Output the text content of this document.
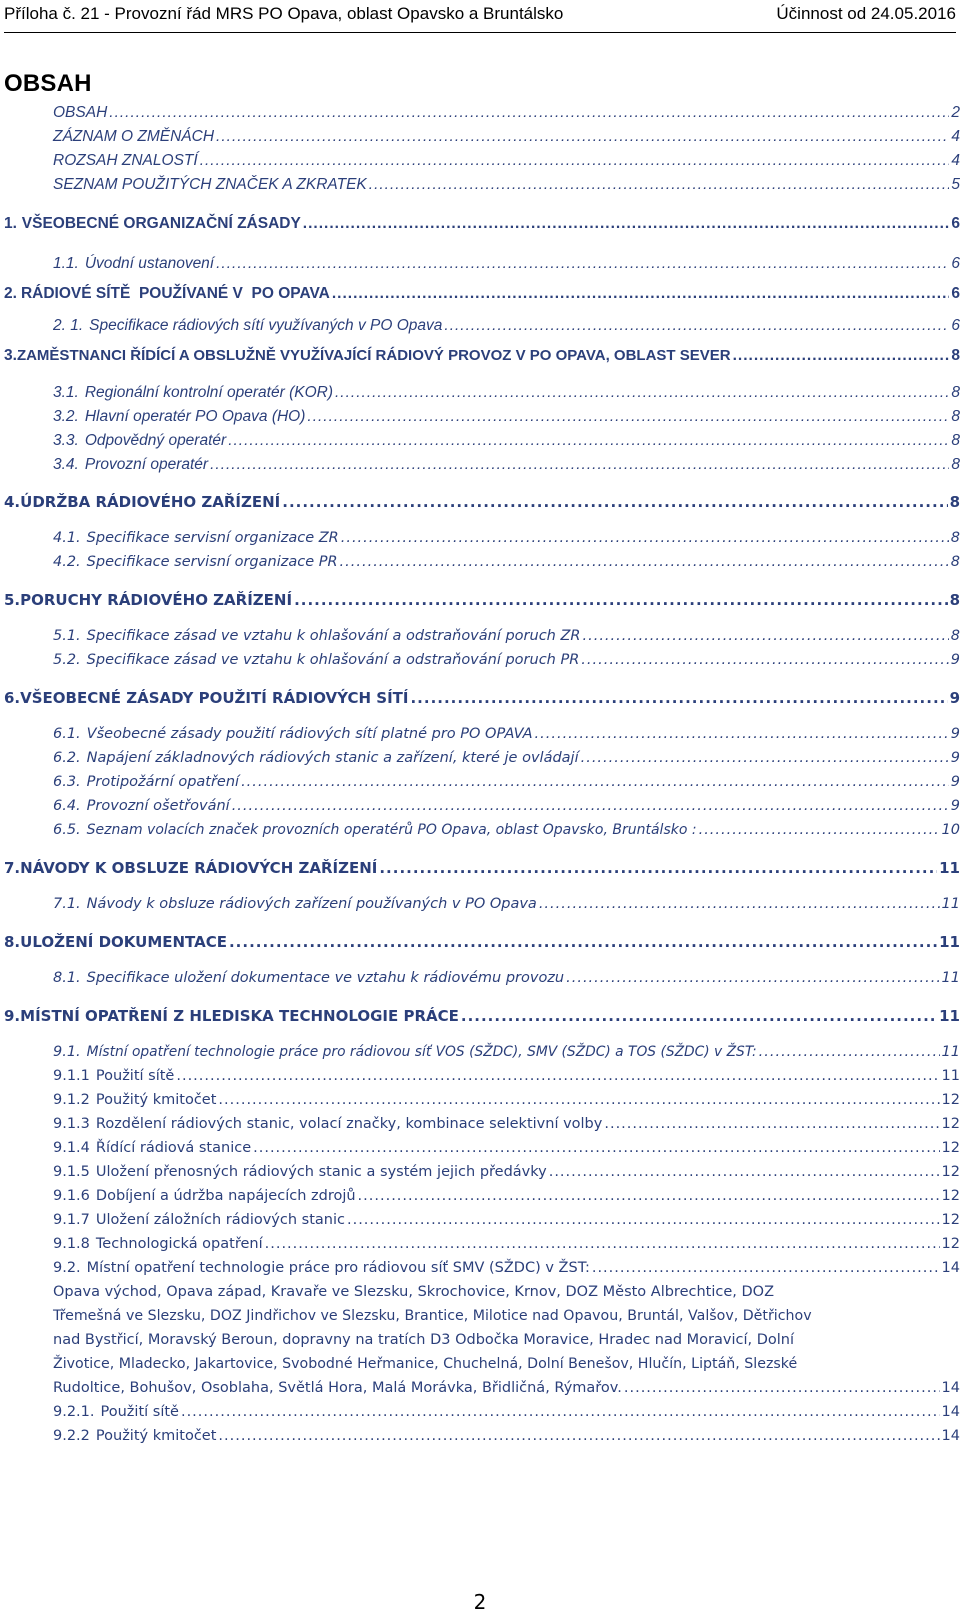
Příloha č. 21 - Provozní řád MRS PO Opava, oblast Opavsko a Bruntálsko	Účinnost od 24.05.2016
OBSAH
OBSAH .....	2
ZÁZNAM O ZMĚNÁCH .....	4
ROZSAH ZNALOSTÍ .....	4
SEZNAM POUŽITÝCH ZNAČEK A ZKRATEK .....	5
1. VŠEOBECNÉ ORGANIZAČNÍ ZÁSADY .....	6
1.1. Úvodní ustanovení .....	6
2. RÁDIOVÉ SÍTĚ  POUŽÍVANÉ V  PO OPAVA .....	6
2. 1. Specifikace rádiových sítí využívaných v PO Opava .....	6
3. ZAMĚSTNANCI ŘÍDÍCÍ A OBSLUŽNĚ VYUŽÍVAJÍCÍ RÁDIOVÝ PROVOZ V PO OPAVA, OBLAST SEVER .....	8
3.1. Regionální kontrolní operatér (KOR) .....	8
3.2. Hlavní operatér PO Opava (HO) .....	8
3.3. Odpovědný operatér .....	8
3.4. Provozní operatér .....	8
4. ÚDRŽBA RÁDIOVÉHO ZAŘÍZENÍ .....	8
4.1. Specifikace servisní organizace ZR .....	8
4.2. Specifikace servisní organizace PR .....	8
5. PORUCHY RÁDIOVÉHO ZAŘÍZENÍ .....	8
5.1. Specifikace zásad ve vztahu k ohlašování a odstraňování poruch ZR .....	8
5.2. Specifikace zásad ve vztahu k ohlašování a odstraňování poruch PR .....	9
6. VŠEOBECNÉ ZÁSADY POUŽITÍ RÁDIOVÝCH SÍTÍ .....	9
6.1. Všeobecné zásady použití rádiových sítí platné pro PO OPAVA .....	9
6.2. Napájení základnových rádiových stanic a zařízení, které je ovládají .....	9
6.3. Protipožární opatření .....	9
6.4. Provozní ošetřování .....	9
6.5. Seznam volacích značek provozních operatérů PO Opava, oblast Opavsko, Bruntálsko : .....	10
7. NÁVODY K OBSLUZE RÁDIOVÝCH ZAŘÍZENÍ .....	11
7.1. Návody k obsluze rádiových zařízení používaných v PO Opava .....	11
8. ULOŽENÍ DOKUMENTACE .....	11
8.1. Specifikace uložení dokumentace ve vztahu k rádiovému provozu .....	11
9. MÍSTNÍ OPATŘENÍ Z HLEDISKA TECHNOLOGIE PRÁCE .....	11
9.1. Místní opatření technologie práce pro rádiovou síť VOS (SŽDC), SMV (SŽDC) a TOS (SŽDC) v ŽST: .....	11
9.1.1 Použití sítě .....	11
9.1.2 Použitý kmitočet .....	12
9.1.3 Rozdělení rádiových stanic, volací značky, kombinace selektivní volby .....	12
9.1.4 Řídící rádiová stanice .....	12
9.1.5 Uložení přenosných rádiových stanic a systém jejich předávky .....	12
9.1.6 Dobíjení a údržba napájecích zdrojů .....	12
9.1.7 Uložení záložních rádiových stanic .....	12
9.1.8 Technologická opatření .....	12
9.2. Místní opatření technologie práce pro rádiovou síť SMV (SŽDC) v ŽST: .....	14
Opava východ, Opava západ, Kravaře ve Slezsku, Skrochovice, Krnov, DOZ Město Albrechtice, DOZ
Třemešná ve Slezsku, DOZ Jindřichov ve Slezsku, Brantice, Milotice nad Opavou, Bruntál, Valšov, Dětřichov
nad Bystřicí, Moravský Beroun, dopravny na tratích D3 Odbočka Moravice, Hradec nad Moravicí, Dolní
Životice, Mladecko, Jakartovice, Svobodné Heřmanice, Chuchelná, Dolní Benešov, Hlučín, Liptáň, Slezské
Rudoltice, Bohušov, Osoblaha, Světlá Hora, Malá Morávka, Břidličná, Rýmařov. .....	14
9.2.1. Použití sítě .....	14
9.2.2 Použitý kmitočet .....	14
2
